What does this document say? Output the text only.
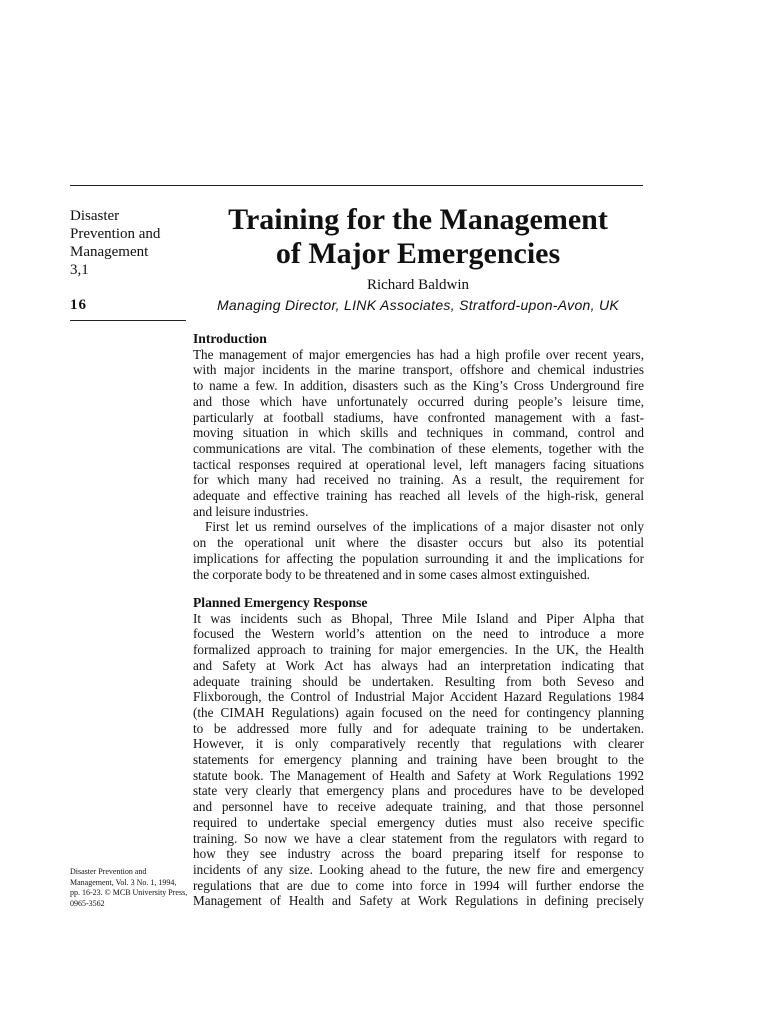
Disaster
Prevention and
Management
3,1
16
Training for the Management
of Major Emergencies
Richard Baldwin
Managing Director, LINK Associates, Stratford-upon-Avon, UK
Introduction
The management of major emergencies has had a high profile over recent years,
with major incidents in the marine transport, offshore and chemical industries
to name a few. In addition, disasters such as the King’s Cross Underground fire
and those which have unfortunately occurred during people’s leisure time,
particularly at football stadiums, have confronted management with a fast-
moving situation in which skills and techniques in command, control and
communications are vital. The combination of these elements, together with the
tactical responses required at operational level, left managers facing situations
for which many had received no training. As a result, the requirement for
adequate and effective training has reached all levels of the high-risk, general
and leisure industries.
First let us remind ourselves of the implications of a major disaster not only
on the operational unit where the disaster occurs but also its potential
implications for affecting the population surrounding it and the implications for
the corporate body to be threatened and in some cases almost extinguished.
Planned Emergency Response
It was incidents such as Bhopal, Three Mile Island and Piper Alpha that
focused the Western world’s attention on the need to introduce a more
formalized approach to training for major emergencies. In the UK, the Health
and Safety at Work Act has always had an interpretation indicating that
adequate training should be undertaken. Resulting from both Seveso and
Flixborough, the Control of Industrial Major Accident Hazard Regulations 1984
(the CIMAH Regulations) again focused on the need for contingency planning
to be addressed more fully and for adequate training to be undertaken.
However, it is only comparatively recently that regulations with clearer
statements for emergency planning and training have been brought to the
statute book. The Management of Health and Safety at Work Regulations 1992
state very clearly that emergency plans and procedures have to be developed
and personnel have to receive adequate training, and that those personnel
required to undertake special emergency duties must also receive specific
training. So now we have a clear statement from the regulators with regard to
how they see industry across the board preparing itself for response to
incidents of any size. Looking ahead to the future, the new fire and emergency
regulations that are due to come into force in 1994 will further endorse the
Management of Health and Safety at Work Regulations in defining precisely
Disaster Prevention and Management, Vol. 3 No. 1, 1994, pp. 16-23. © MCB University Press, 0965-3562
